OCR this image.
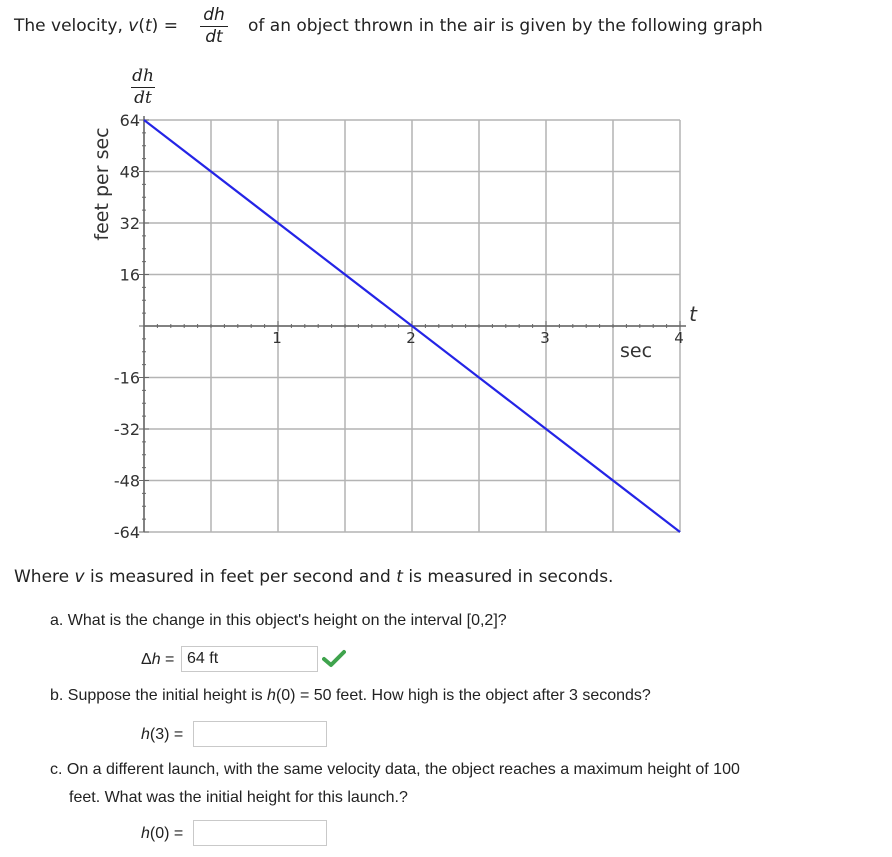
The velocity, v(t) =
dh
dt
of an object thrown in the air is given by the following graph
64
48
32
16
-16
-32
-48
-64
1	2	3	4
t
sec
feet per sec
dh
dt
Where v is measured in feet per second and t is measured in seconds.
a. What is the change in this object's height on the interval [0,2]?
Δh =
64 ft
b. Suppose the initial height is h(0) = 50 feet. How high is the object after 3 seconds?
h(3) =
c. On a different launch, with the same velocity data, the object reaches a maximum height of 100
feet. What was the initial height for this launch.?
h(0) =
